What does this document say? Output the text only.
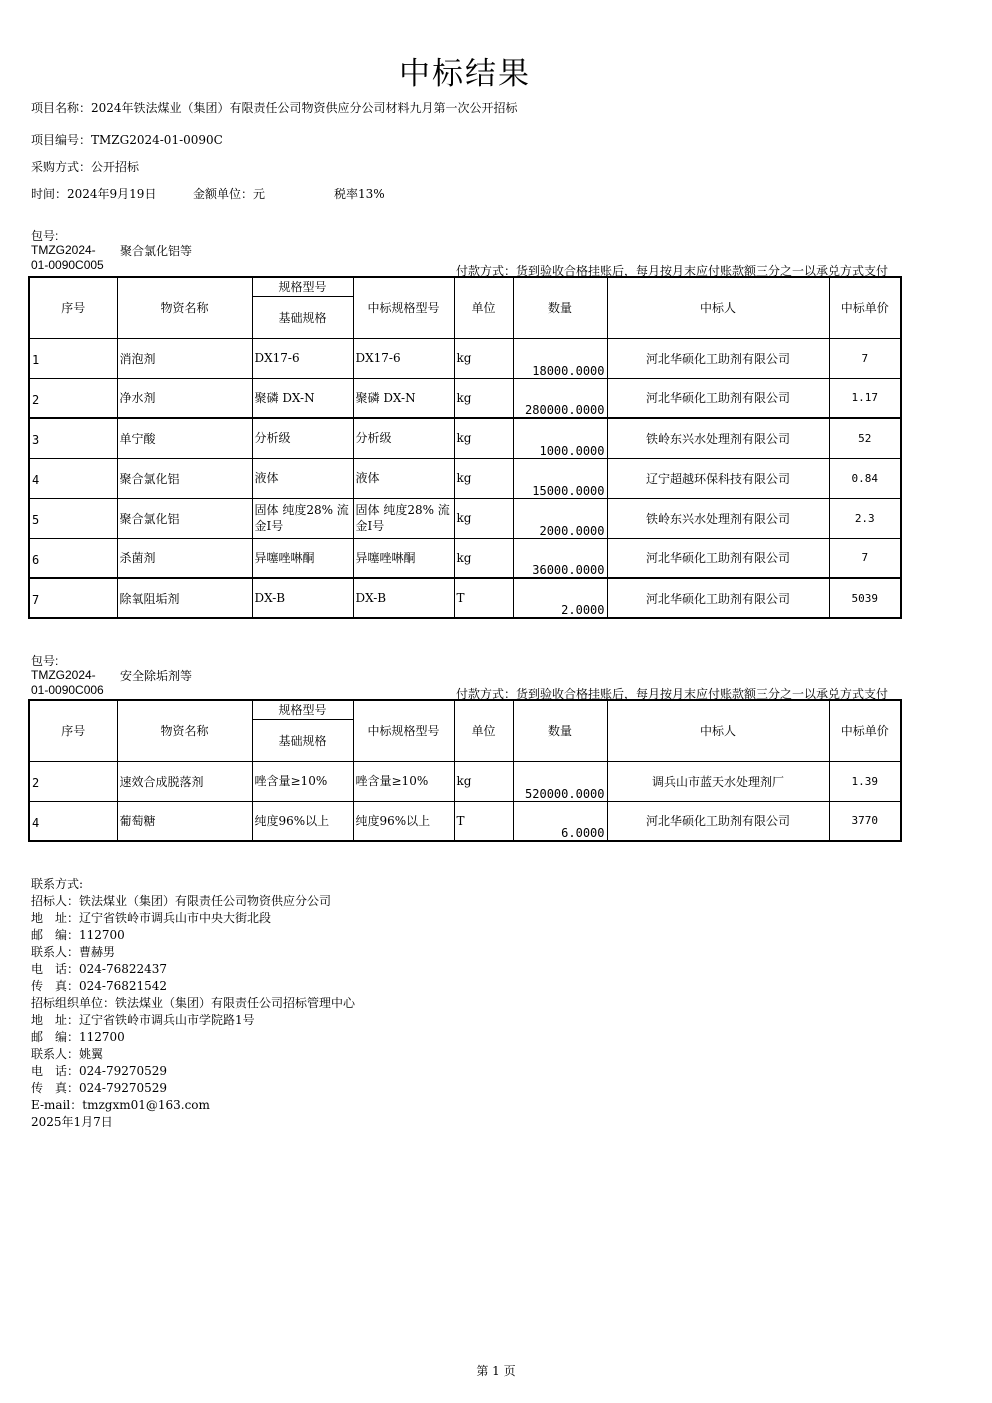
中标结果
项目名称：2024年铁法煤业（集团）有限责任公司物资供应分公司材料九月第一次公开招标
项目编号：TMZG2024-01-0090C
采购方式：公开招标
时间：2024年9月19日	金额单位：元	税率13%
包号:
TMZG2024-
01-0090C005
聚合氯化铝等
付款方式：货到验收合格挂账后，每月按月末应付账款额三分之一以承兑方式支付
序号	物资名称	规格型号	中标规格型号	单位	数量	中标人	中标单价
		基础规格					
1	消泡剂	DX17-6	DX17-6	kg	18000.0000	河北华硕化工助剂有限公司	7
2	净水剂	聚磷 DX-N	聚磷 DX-N	kg	280000.0000	河北华硕化工助剂有限公司	1.17
3	单宁酸	分析级	分析级	kg	1000.0000	铁岭东兴水处理剂有限公司	52
4	聚合氯化铝	液体	液体	kg	15000.0000	辽宁超越环保科技有限公司	0.84
5	聚合氯化铝	固体 纯度28% 流金Ⅰ号	固体 纯度28% 流金Ⅰ号	kg	2000.0000	铁岭东兴水处理剂有限公司	2.3
6	杀菌剂	异噻唑啉酮	异噻唑啉酮	kg	36000.0000	河北华硕化工助剂有限公司	7
7	除氧阻垢剂	DX-B	DX-B	T	2.0000	河北华硕化工助剂有限公司	5039
包号:
TMZG2024-
01-0090C006
安全除垢剂等
付款方式：货到验收合格挂账后，每月按月末应付账款额三分之一以承兑方式支付
序号	物资名称	规格型号	中标规格型号	单位	数量	中标人	中标单价
		基础规格					
2	速效合成脱落剂	唑含量≥10%	唑含量≥10%	kg	520000.0000	调兵山市蓝天水处理剂厂	1.39
4	葡萄糖	纯度96%以上	纯度96%以上	T	6.0000	河北华硕化工助剂有限公司	3770
联系方式:
招标人：铁法煤业（集团）有限责任公司物资供应分公司
地　址：辽宁省铁岭市调兵山市中央大街北段
邮　编：112700
联系人：曹赫男
电　话：024-76822437
传　真：024-76821542
招标组织单位：铁法煤业（集团）有限责任公司招标管理中心
地　址：辽宁省铁岭市调兵山市学院路1号
邮　编：112700
联系人：姚翼
电　话：024-79270529
传　真：024-79270529
E-mail：tmzgxm01@163.com
2025年1月7日
第 1 页
